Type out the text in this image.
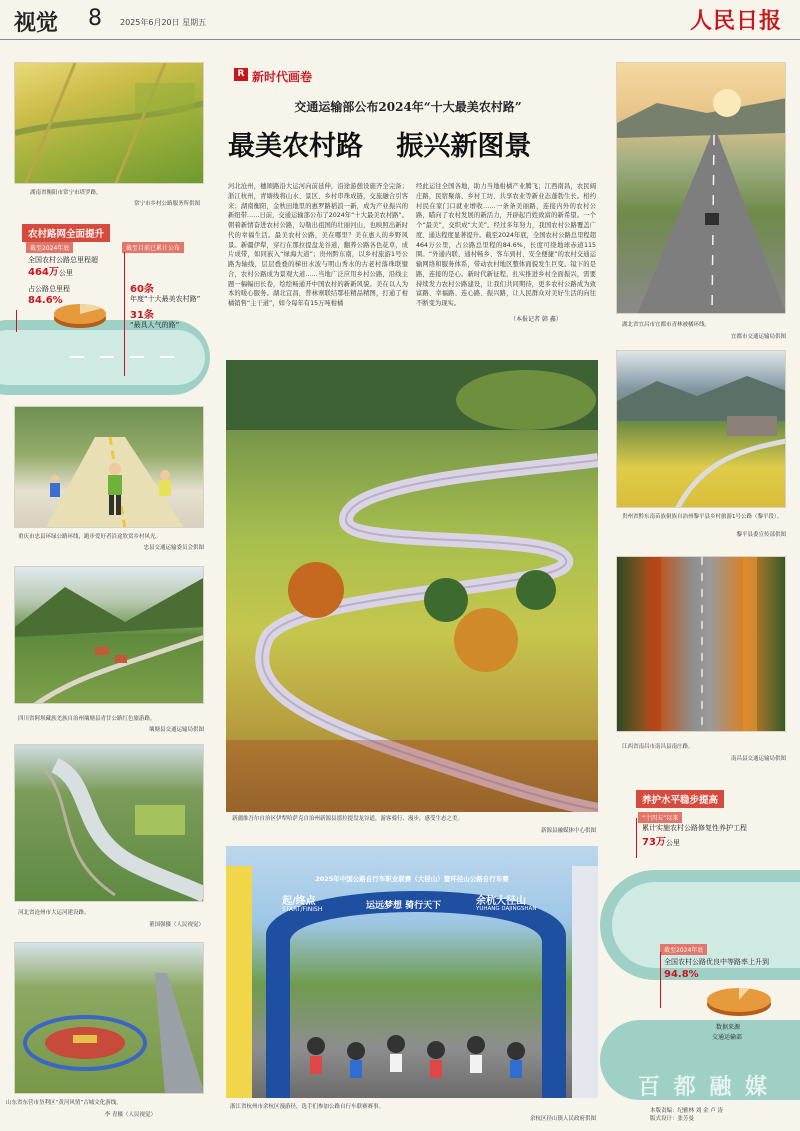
视觉 8 2025年6月20日 星期五	人民日报
湖南省衡阳市常宁市塔罗路。
常宁市乡村公路服务所供图
农村路网全面提升
截至2024年底
全国农村公路总里程超
464万公里
占公路总里程
84.6%
截至目前已累计公布
60条
年度“十大最美农村路”
31条
“最具人气的路”
重庆市忠县环绿公路环线，跑步爱好者沿途欣赏乡村风光。
忠县交通运输委员会供图
四川省阿坝藏族羌族自治州壤塘县青甘公路红色旅游路。
壤塘县交通运输局供图
河北省沧州市大运河建设路。
董国强摄（人民视觉）
山东省东营市垦利区“黄河风情”古城文化游线。
李 青摄（人民视觉）
R 新时代画卷
交通运输部公布2024年“十大最美农村路”
最美农村路 振兴新图景
河北沧州，穗颂路沿大运河向前延伸，沿途游憩设施齐全完备；浙江杭州，青塘线将山水、景区、乡村串珠成链，交旅融合引客来；湖南衡阳，金秋田地里的惠罗路稻浪一新，成为产业振兴的新纽带……日前，交通运输部公布了2024年“十大最美农村路”。朝着新情奋进农村公路，勾勒出祖国的壮丽河山，也映照出新时代的幸福生活。最美农村公路，美在哪里？美在惠人的乡野风景。新疆伊犁，穿行在那拉提盘龙谷道，翻养公路各色花草，成片成带，如同嵌入“绿海大道”；贵州黔东南，以乡村旅游1号公路为轴线，层层叠叠的梯田水波与明山秀水的古老村落珠联璧合，农村公路成为景观大道……当地广泛应用乡村公路，沿线主题一幅幅田长卷，绘绘畅通开中国农村的新新风貌。美在以人为本的暖心服务。湖北宜昌，普林寨联结鄂桂精品精图，打通了柑橘销售“主干道”，如今每年有15万吨柑橘
经此运往全国各地，助力当地柑橘产业腾飞；江西南昌，农民阔庄路，民宿聚落、乡村工坊、共享农业等新业态蓬勃生长。相约村民在家门口就业增收……一条条美丽路，连接内外的农村公路，瞄向了农村发展的新活力，开辟起百姓致富的新希望。一个个“最美”，交织成“大美”。经过多年努力，我国农村公路覆盖广度、通达程度显著提升。截至2024年底，全国农村公路总里程超464万公里，占公路总里程的84.6%，长度可绕地球赤道115圈。“外通内联、通村畅乡、客车到村、安全便捷”的农村交通运输网络和服务体系，带动农村地区整体面貌发生巨变。镜下的是路，连接的是心。新时代新征程，扎实推进乡村全面振兴，需要持续发力农村公路建设，让我们共同期待，更多农村公路成为致富路、幸福路、连心路、振兴路，让人民群众对美好生活的向往不断变为现实。
（本报记者 韩 鑫）
新疆维吾尔自治区伊犁哈萨克自治州新源县那拉提盘龙谷道，游客骑行、漫步，感受生态之美。
新源县融媒体中心供图
2025年中国公路自行车职业联赛（大径山）暨环径山公路自行车赛
起/终点
START/FINISH	运远梦想 骑行天下	余杭大径山
YUHANG DAJINGSHAN
浙江省杭州市余杭区漫游径，选手们参加公路自行车联赛赛事。
余杭区径山镇人民政府供图
湖北省宜昌市宜都市青林被橘环线。
宜都市交通运输局供图
贵州省黔东南苗族侗族自治州黎平县乡村旅游1号公路（黎平段）。
黎平县委宣传部供图
江西省南昌市南昌县南庄路。
南昌县交通运输局供图
养护水平稳步提高
“十四五”以来
累计实施农村公路修复性养护工程
73万公里
截至2024年底
全国农村公路优良中等路率上升到
94.8%
数据来源
交通运输部
百 都 融 媒
本版责编：纪雅林 刘 金 卢 涛
版式设计：张芳曼
